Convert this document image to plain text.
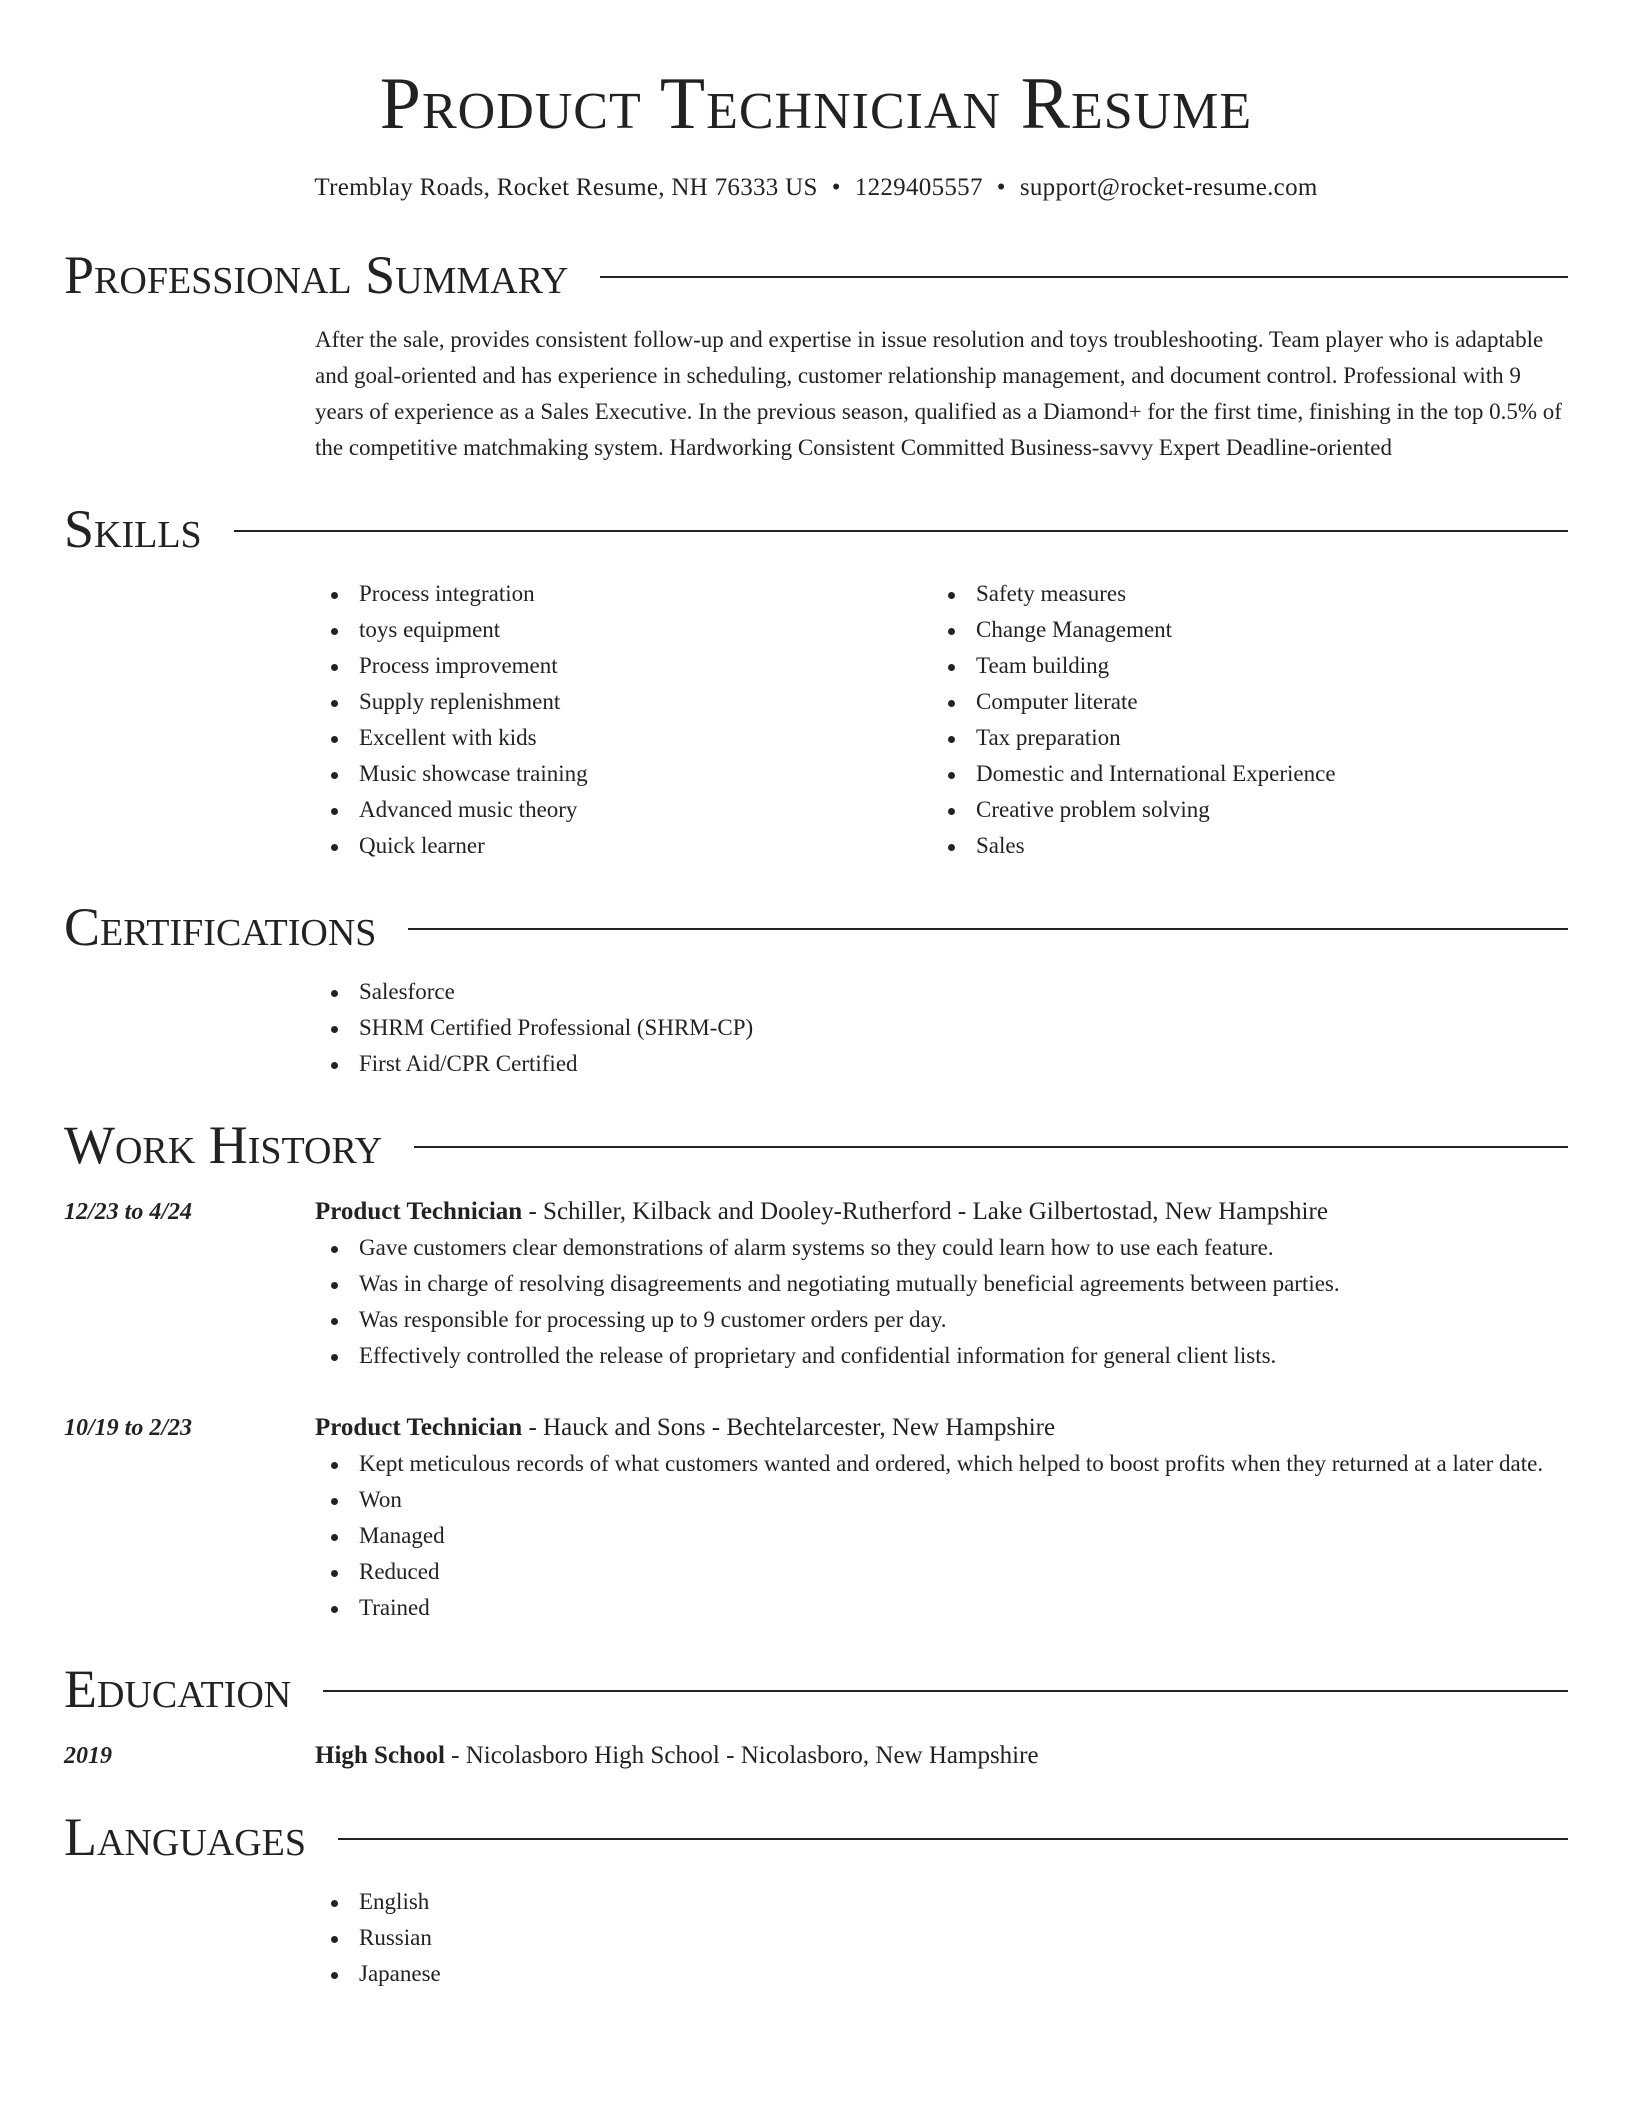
Product Technician Resume
Tremblay Roads, Rocket Resume, NH 76333 US • 1229405557 • support@rocket-resume.com
Professional Summary

After the sale, provides consistent follow-up and expertise in issue resolution and toys troubleshooting. Team player who is adaptable and goal-oriented and has experience in scheduling, customer relationship management, and document control. Professional with 9 years of experience as a Sales Executive. In the previous season, qualified as a Diamond+ for the first time, finishing in the top 0.5% of the competitive matchmaking system. Hardworking Consistent Committed Business-savvy Expert Deadline-oriented

Skills
Process integration
toys equipment
Process improvement
Supply replenishment
Excellent with kids
Music showcase training
Advanced music theory
Quick learner
Safety measures
Change Management
Team building
Computer literate
Tax preparation
Domestic and International Experience
Creative problem solving
Sales
Certifications
Salesforce
SHRM Certified Professional (SHRM-CP)
First Aid/CPR Certified
Work History
12/23 to 4/24	Product Technician - Schiller, Kilback and Dooley-Rutherford - Lake Gilbertostad, New Hampshire
Gave customers clear demonstrations of alarm systems so they could learn how to use each feature.
Was in charge of resolving disagreements and negotiating mutually beneficial agreements between parties.
Was responsible for processing up to 9 customer orders per day.
Effectively controlled the release of proprietary and confidential information for general client lists.
10/19 to 2/23	Product Technician - Hauck and Sons - Bechtelarcester, New Hampshire
Kept meticulous records of what customers wanted and ordered, which helped to boost profits when they returned at a later date.
Won
Managed
Reduced
Trained
Education
2019	High School - Nicolasboro High School - Nicolasboro, New Hampshire
Languages
English
Russian
Japanese
